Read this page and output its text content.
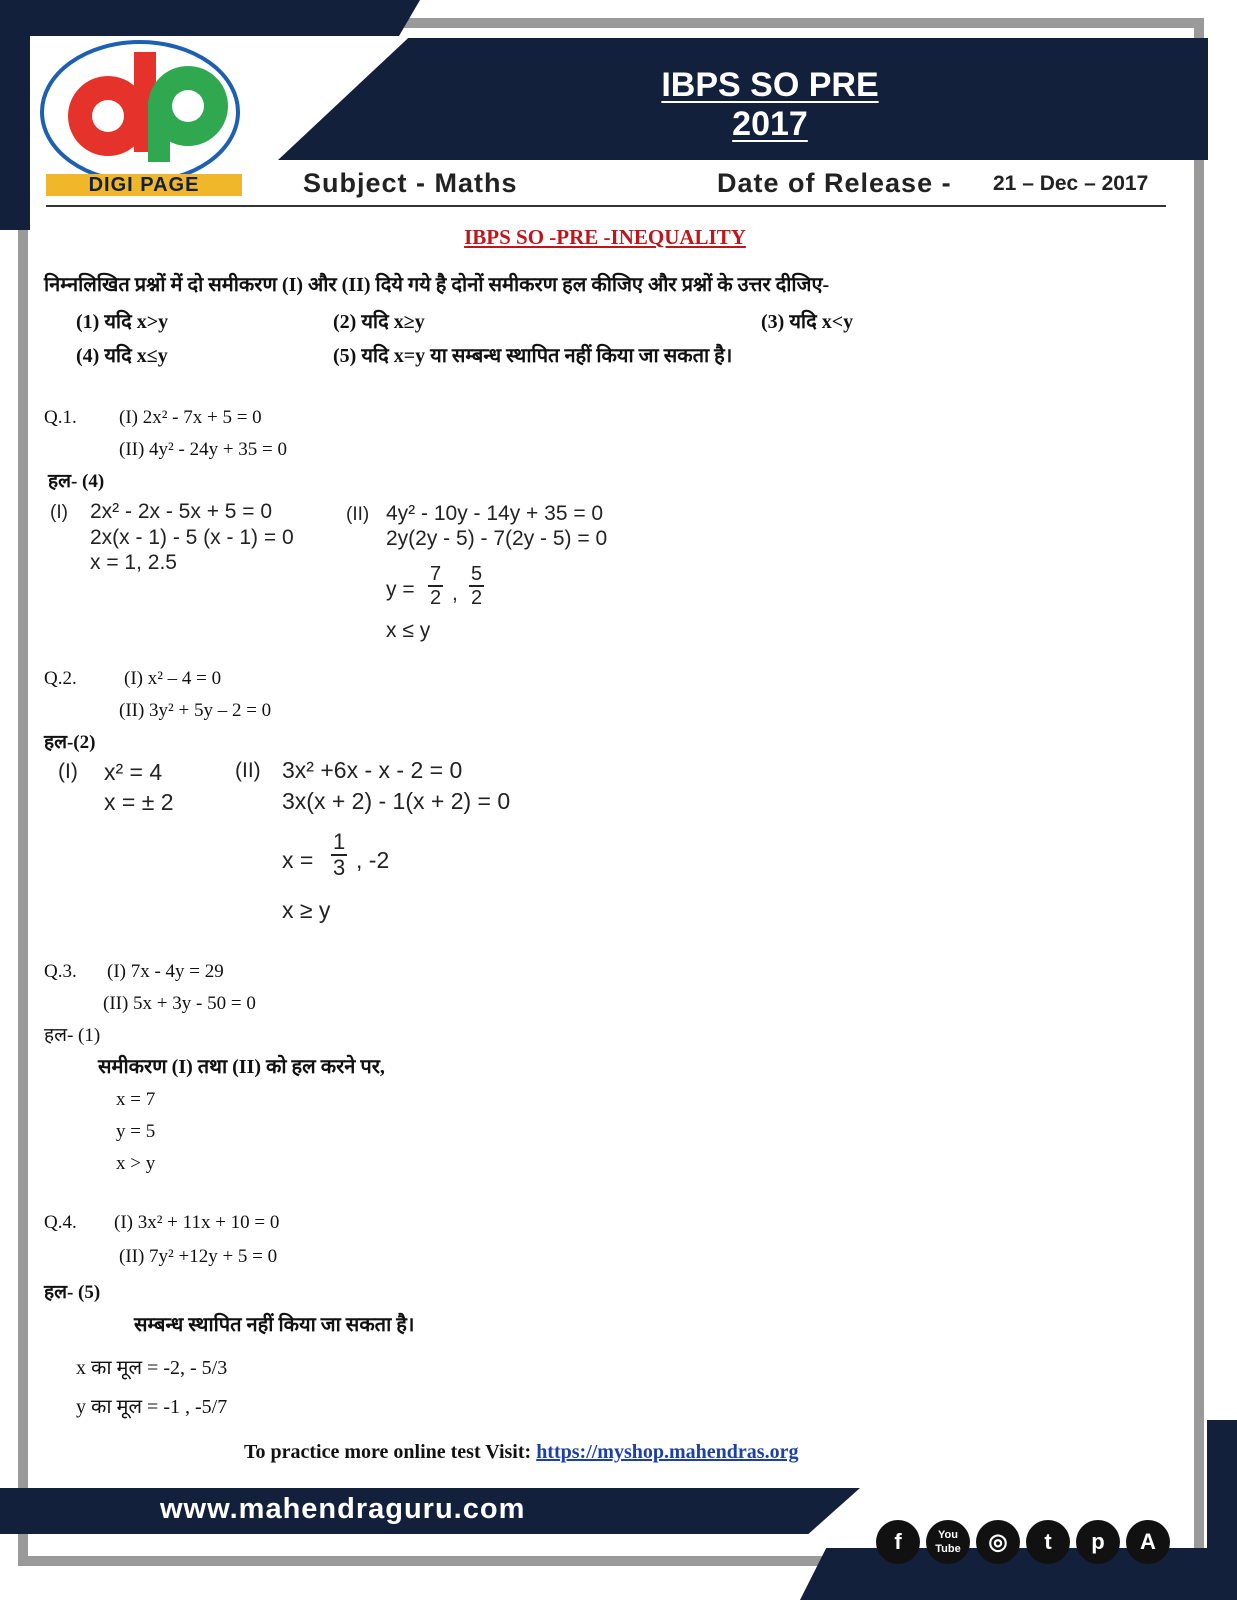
IBPS SO PRE 2017
DIGI PAGE	Subject - Maths	Date of Release - 21 – Dec – 2017
IBPS SO -PRE -INEQUALITY
निम्नलिखित प्रश्नों में दो समीकरण (I) और (II) दिये गये है दोनों समीकरण हल कीजिए और प्रश्नों के उत्तर दीजिए-
(1) यदि x>y	(2) यदि x≥y	(3) यदि x<y
(4) यदि x≤y	(5) यदि x=y या सम्बन्ध स्थापित नहीं किया जा सकता है।
Q.1. (I) 2x² - 7x + 5 = 0
(II) 4y² - 24y + 35 = 0
हल- (4)
(I) 2x² - 2x - 5x + 5 = 0
2x(x - 1) - 5 (x - 1) = 0
x = 1, 2.5
(II) 4y² - 10y - 14y + 35 = 0
2y(2y - 5) - 7(2y - 5) = 0
$y = \frac{7}{2}$ , $\frac{5}{2}$
x ≤ y
Q.2. (I) x² – 4 = 0
(II) 3y² + 5y – 2 = 0
हल-(2)
(I) x² = 4
x = ± 2
(II) 3x² +6x - x - 2 = 0
3x(x + 2) - 1(x + 2) = 0
$x = \frac{1}{3}$ , -2
x ≥ y
Q.3. (I) 7x - 4y = 29
(II) 5x + 3y - 50 = 0
हल- (1)
समीकरण (I) तथा (II) को हल करने पर,
x = 7
y = 5
x > y
Q.4. (I) 3x² + 11x + 10 = 0
(II) 7y² +12y + 5 = 0
हल- (5)
सम्बन्ध स्थापित नहीं किया जा सकता है।
x का मूल = -2, - 5/3
y का मूल = -1 , -5/7
To practice more online test Visit: https://myshop.mahendras.org
www.mahendraguru.com
f	You Tube	◎	t	p	A
